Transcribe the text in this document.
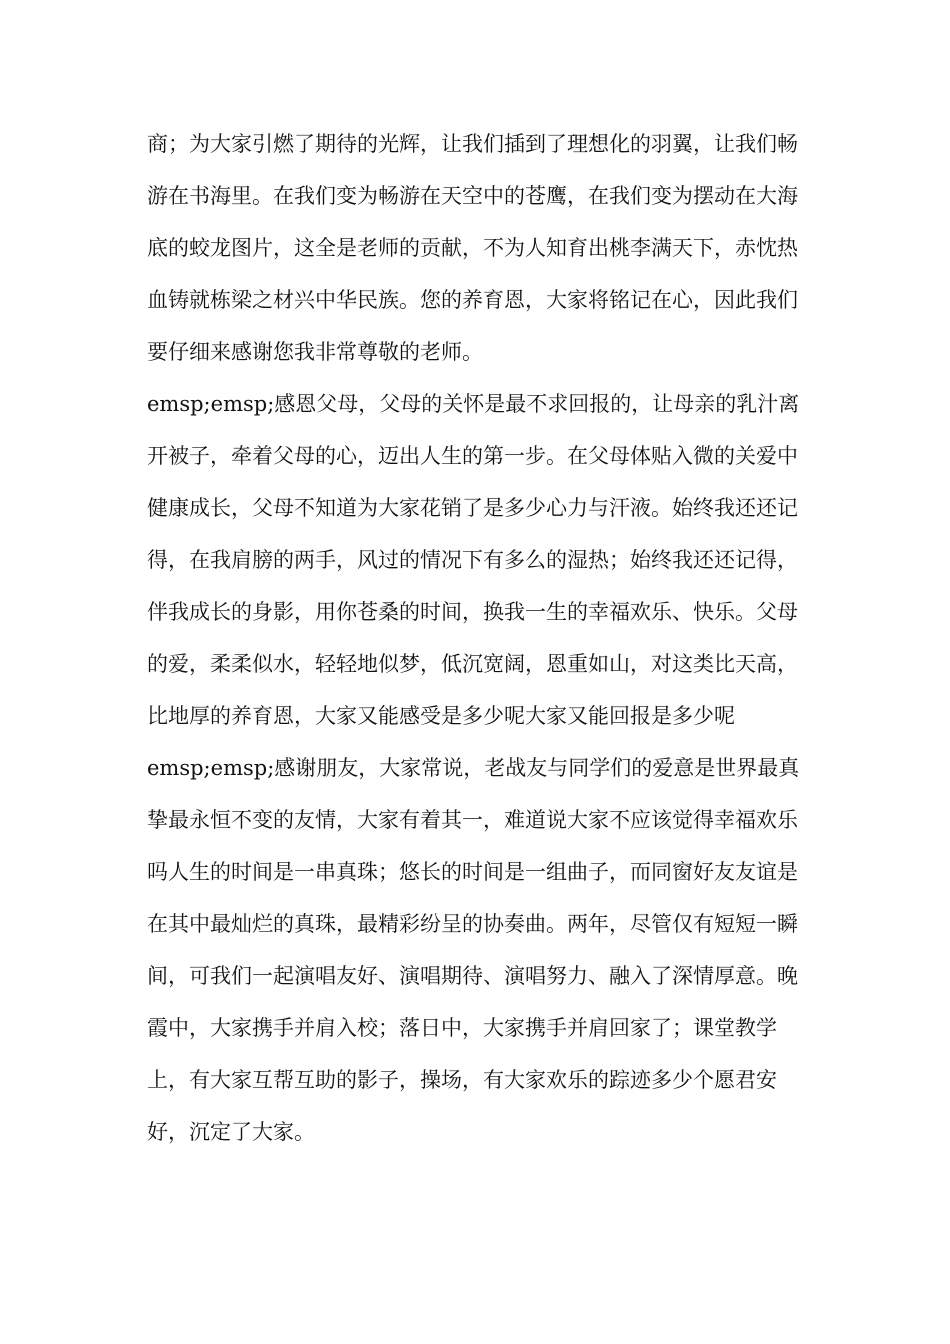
商；为大家引燃了期待的光辉，让我们插到了理想化的羽翼，让我们畅游在书海里。在我们变为畅游在天空中的苍鹰，在我们变为摆动在大海底的蛟龙图片，这全是老师的贡献，不为人知育出桃李满天下，赤忱热血铸就栋梁之材兴中华民族。您的养育恩，大家将铭记在心，因此我们要仔细来感谢您我非常尊敬的老师。

emsp;emsp;感恩父母，父母的关怀是最不求回报的，让母亲的乳汁离开被子，牵着父母的心，迈出人生的第一步。在父母体贴入微的关爱中健康成长，父母不知道为大家花销了是多少心力与汗液。始终我还还记得，在我肩膀的两手，风过的情况下有多么的湿热；始终我还还记得，伴我成长的身影，用你苍桑的时间，换我一生的幸福欢乐、快乐。父母的爱，柔柔似水，轻轻地似梦，低沉宽阔，恩重如山，对这类比天高，比地厚的养育恩，大家又能感受是多少呢大家又能回报是多少呢

emsp;emsp;感谢朋友，大家常说，老战友与同学们的爱意是世界最真挚最永恒不变的友情，大家有着其一，难道说大家不应该觉得幸福欢乐吗人生的时间是一串真珠；悠长的时间是一组曲子，而同窗好友友谊是在其中最灿烂的真珠，最精彩纷呈的协奏曲。两年，尽管仅有短短一瞬间，可我们一起演唱友好、演唱期待、演唱努力、融入了深情厚意。晚霞中，大家携手并肩入校；落日中，大家携手并肩回家了；课堂教学上，有大家互帮互助的影子，操场，有大家欢乐的踪迹多少个愿君安好，沉定了大家。
